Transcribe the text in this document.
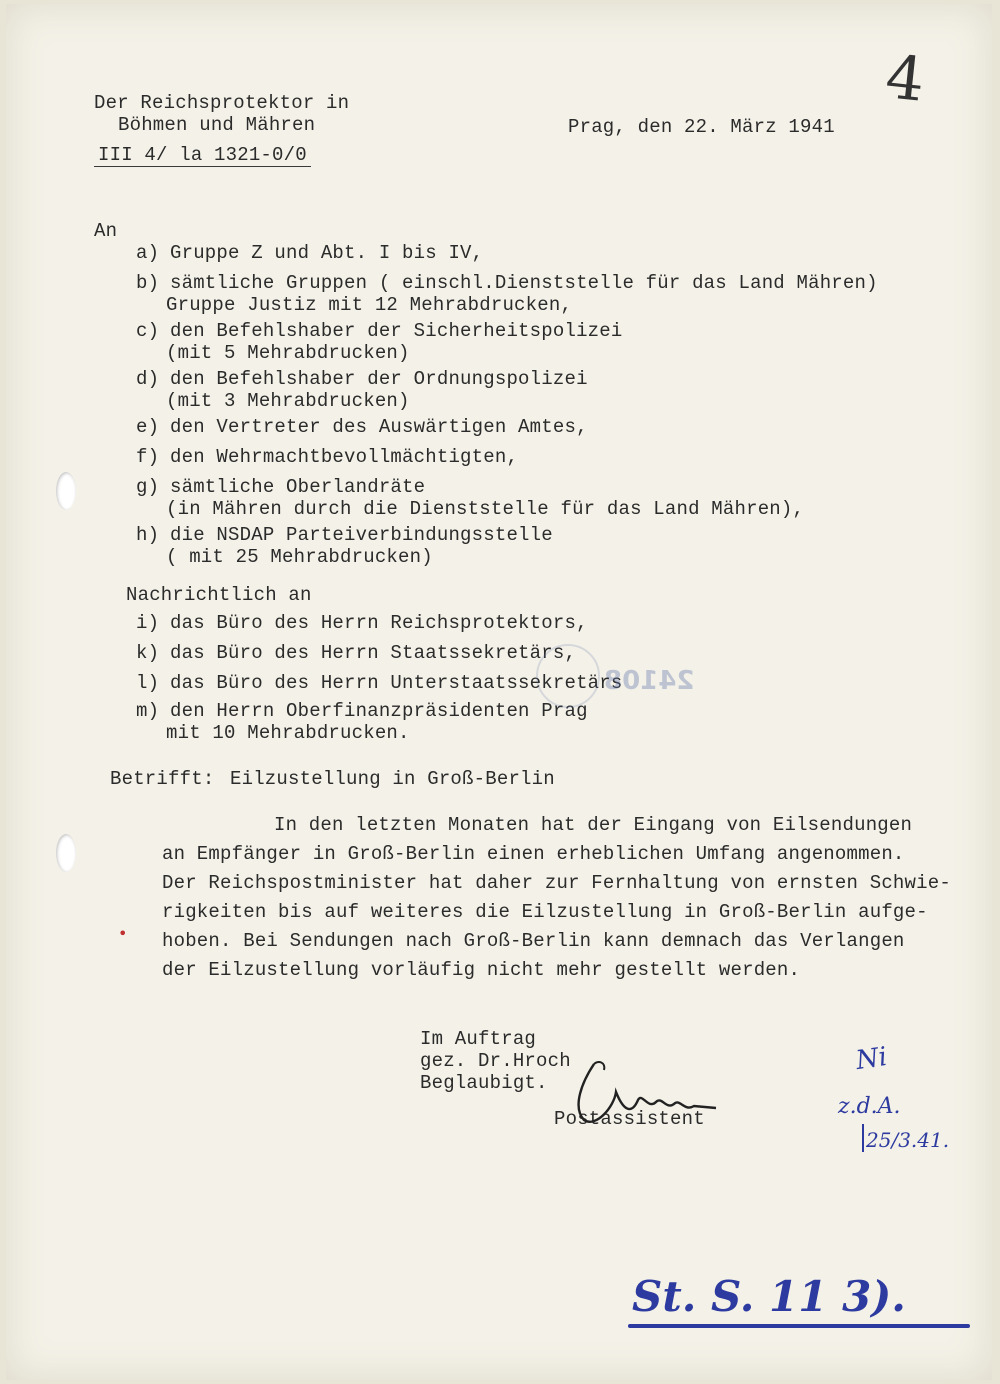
Der Reichsprotektor in
Böhmen und Mähren
III 4/ la 1321-0/0
Prag, den 22. März 1941
4
An
a) Gruppe Z und Abt. I bis IV,
b) sämtliche Gruppen ( einschl.Dienststelle für das Land Mähren)
Gruppe Justiz mit 12 Mehrabdrucken,
c) den Befehlshaber der Sicherheitspolizei
(mit 5 Mehrabdrucken)
d) den Befehlshaber der Ordnungspolizei
(mit 3 Mehrabdrucken)
e) den Vertreter des Auswärtigen Amtes,
f) den Wehrmachtbevollmächtigten,
g) sämtliche Oberlandräte
(in Mähren durch die Dienststelle für das Land Mähren),
h) die NSDAP Parteiverbindungsstelle
( mit 25 Mehrabdrucken)
Nachrichtlich an
i) das Büro des Herrn Reichsprotektors,
k) das Büro des Herrn Staatssekretärs,
l) das Büro des Herrn Unterstaatssekretärs
m) den Herrn Oberfinanzpräsidenten Prag
mit 10 Mehrabdrucken.
24108
Betrifft: Eilzustellung in Groß-Berlin
In den letzten Monaten hat der Eingang von Eilsendungen
an Empfänger in Groß-Berlin einen erheblichen Umfang angenommen.
Der Reichspostminister hat daher zur Fernhaltung von ernsten Schwie-
rigkeiten bis auf weiteres die Eilzustellung in Groß-Berlin aufge-
hoben. Bei Sendungen nach Groß-Berlin kann demnach das Verlangen
der Eilzustellung vorläufig nicht mehr gestellt werden.
Im Auftrag
gez. Dr.Hroch
Beglaubigt.
Postassistent
Ni
z.d.A.
25/3.41.
•
St. S. 11 3).
